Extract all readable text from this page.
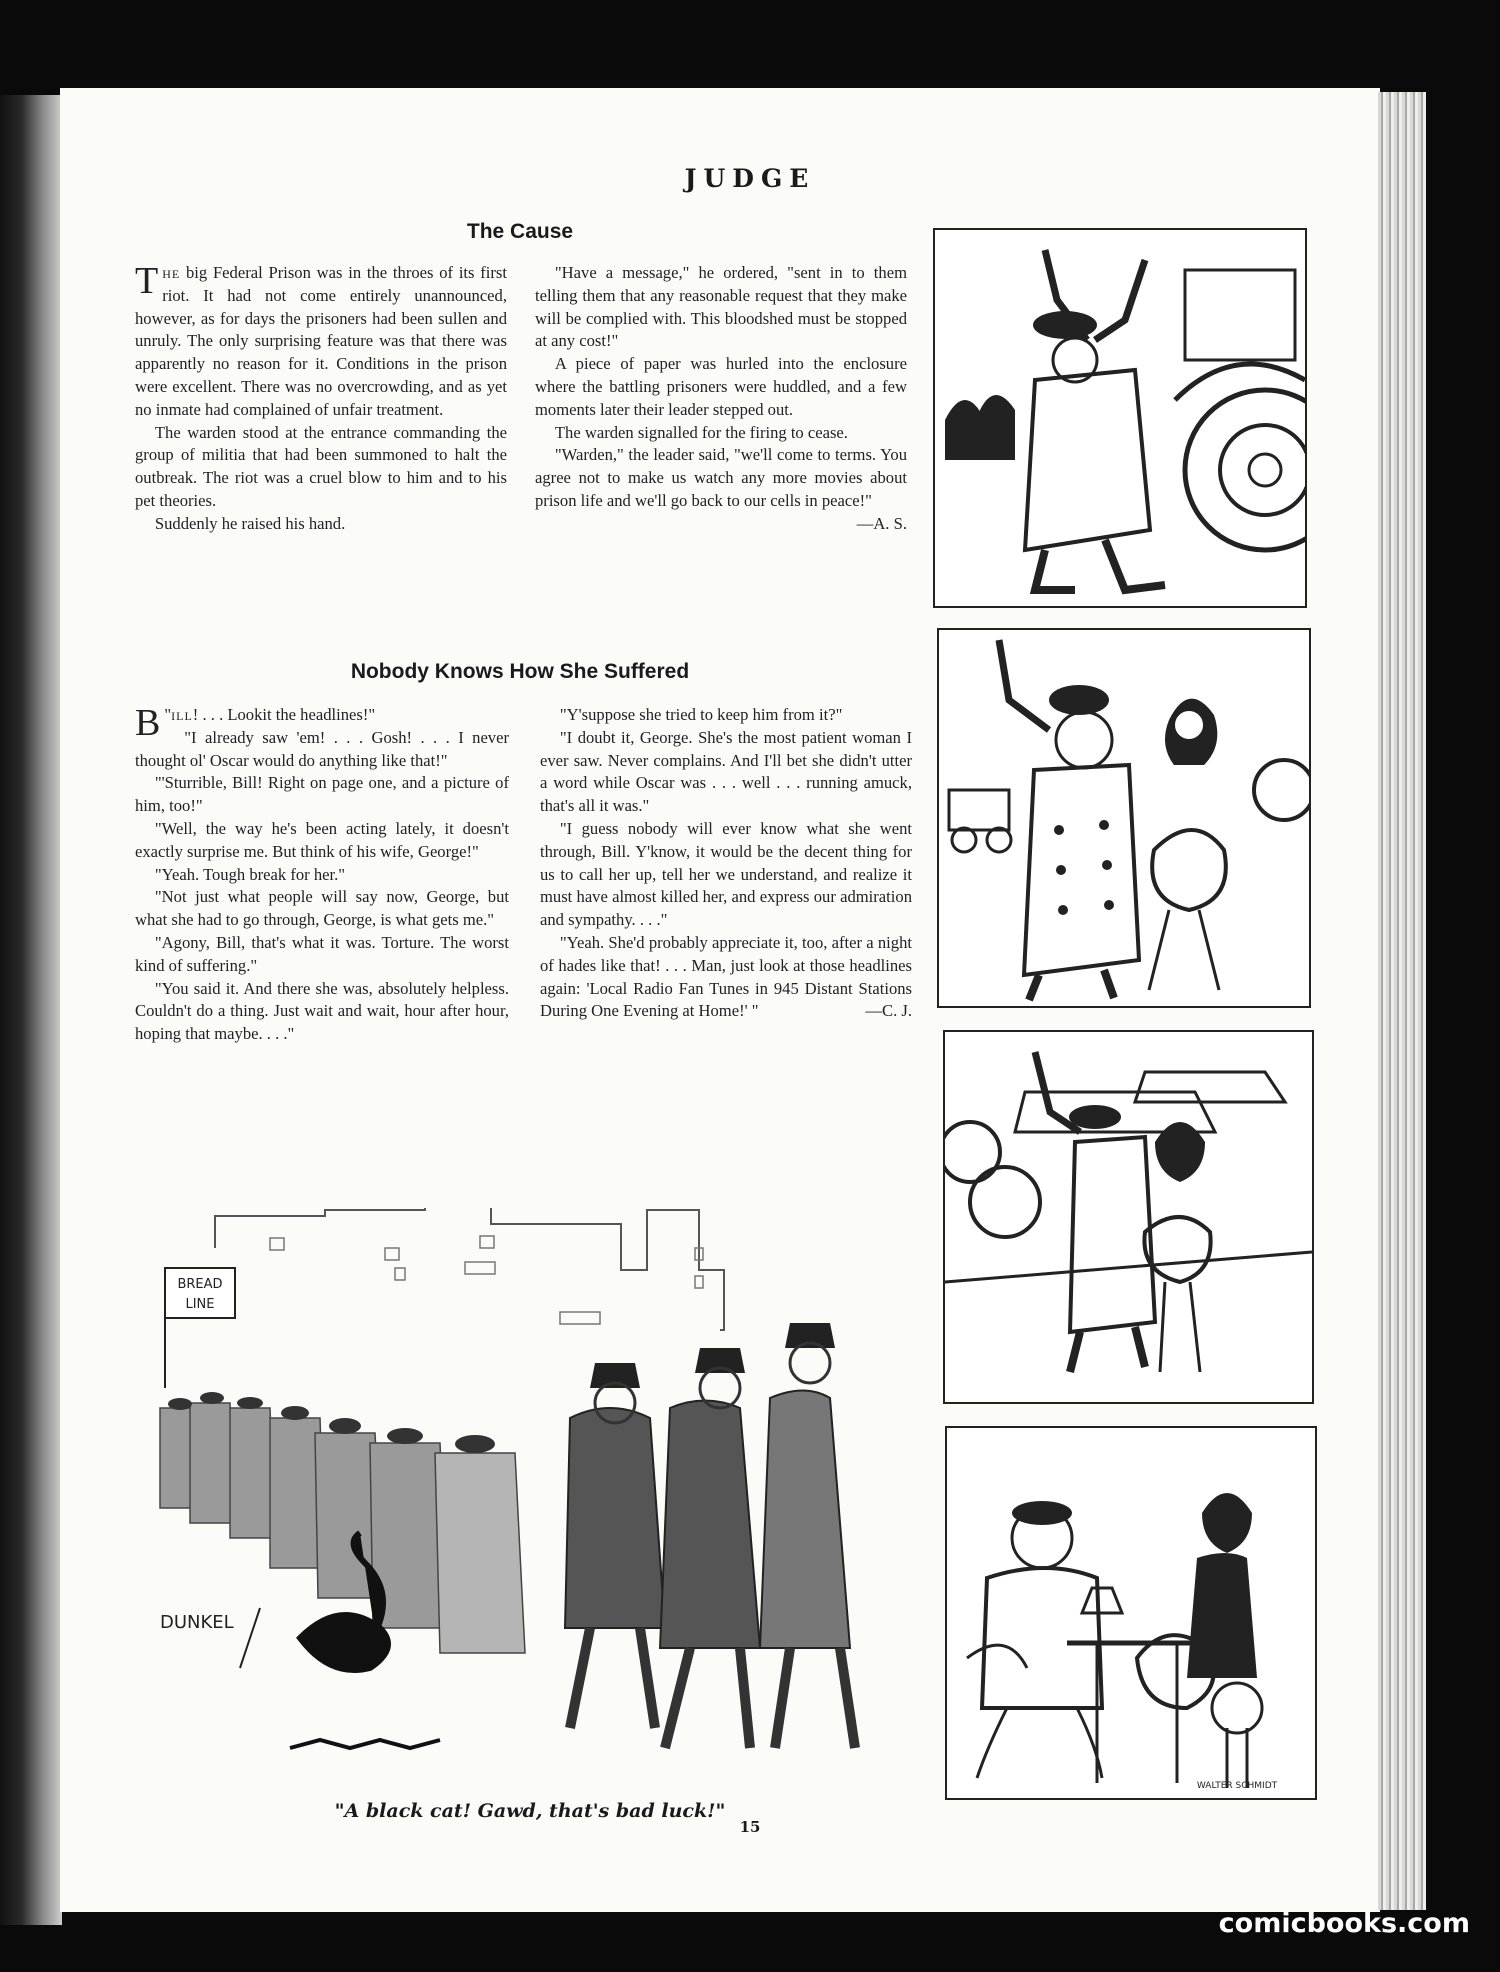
JUDGE
The Cause

The big Federal Prison was in the throes of its first riot. It had not come entirely unannounced, however, as for days the prisoners had been sullen and unruly. The only surprising feature was that there was apparently no reason for it. Conditions in the prison were excellent. There was no overcrowding, and as yet no inmate had complained of unfair treatment.

The warden stood at the entrance commanding the group of militia that had been summoned to halt the outbreak. The riot was a cruel blow to him and to his pet theories.

Suddenly he raised his hand.

"Have a message," he ordered, "sent in to them telling them that any reasonable request that they make will be complied with. This bloodshed must be stopped at any cost!"

A piece of paper was hurled into the enclosure where the battling prisoners were huddled, and a few moments later their leader stepped out.

The warden signalled for the firing to cease.

"Warden," the leader said, "we'll come to terms. You agree not to make us watch any more movies about prison life and we'll go back to our cells in peace!"
—A. S.

Nobody Knows How She Suffered

"
B ill! . . . Lookit the headlines!"

"I already saw 'em! . . . Gosh! . . . I never thought ol' Oscar would do anything like that!"

"'Sturrible, Bill! Right on page one, and a picture of him, too!"

"Well, the way he's been acting lately, it doesn't exactly surprise me. But think of his wife, George!"

"Yeah. Tough break for her."

"Not just what people will say now, George, but what she had to go through, George, is what gets me."

"Agony, Bill, that's what it was. Torture. The worst kind of suffering."

"You said it. And there she was, absolutely helpless. Couldn't do a thing. Just wait and wait, hour after hour, hoping that maybe. . . ."

"Y'suppose she tried to keep him from it?"

"I doubt it, George. She's the most patient woman I ever saw. Never complains. And I'll bet she didn't utter a word while Oscar was . . . well . . . running amuck, that's all it was."

"I guess nobody will ever know what she went through, Bill. Y'know, it would be the decent thing for us to call her up, tell her we understand, and realize it must have almost killed her, and express our admiration and sympathy. . . ."

"Yeah. She'd probably appreciate it, too, after a night of hades like that! . . . Man, just look at those headlines again: 'Local Radio Fan Tunes in 945 Distant Stations During One Evening at Home!' "	—C. J.

WALTER SCHMIDT
BREAD
LINE
DUNKEL
"A black cat! Gawd, that's bad luck!"
15
comicbooks.com
